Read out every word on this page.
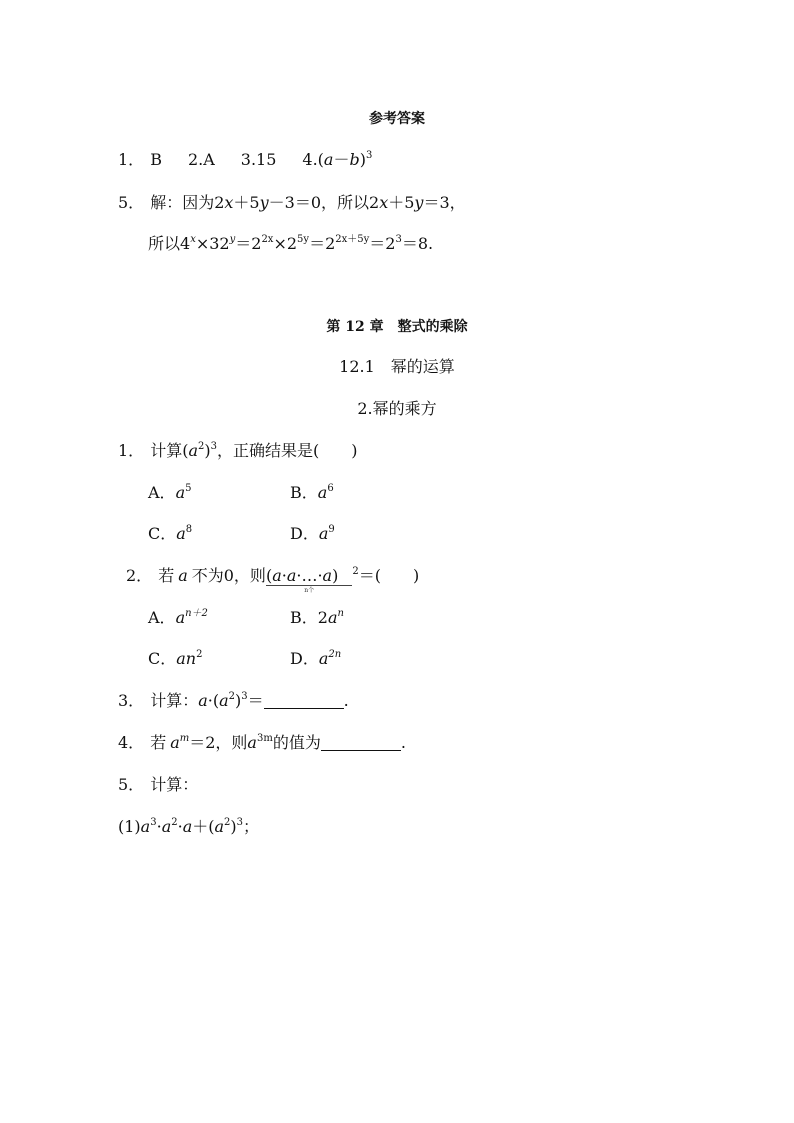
参考答案
1． B 2.A 3.15 $4.(a-b)^3$
5． 解：因为2x＋5y－3＝0，所以2x＋5y＝3，
所以$4^x\times 32^y=2^{2x}\times 2^{5y}=2^{2x+5y}=2^3=8$.
第 12 章　整式的乘除
12.1　幂的运算
2.幂的乘方
1． 计算$(a^2)^3$，正确结果是(　　)
A．$a^5$	B．$a^6$
C．$a^8$	D．$a^9$
2． 若 a 不为0，则(a·a·…·a)
n个
$^2$＝(　　)
A．$a^{n+2}$	B．$2a^n$
C．$an^2$	D．$a^{2n}$
3． 计算：$a\cdot(a^2)^3=$	.
4． 若 $a^m=2$，则$a^{3m}$的值为	.
5． 计算：
$(1)a^3\cdot a^2\cdot a+(a^2)^3$；
